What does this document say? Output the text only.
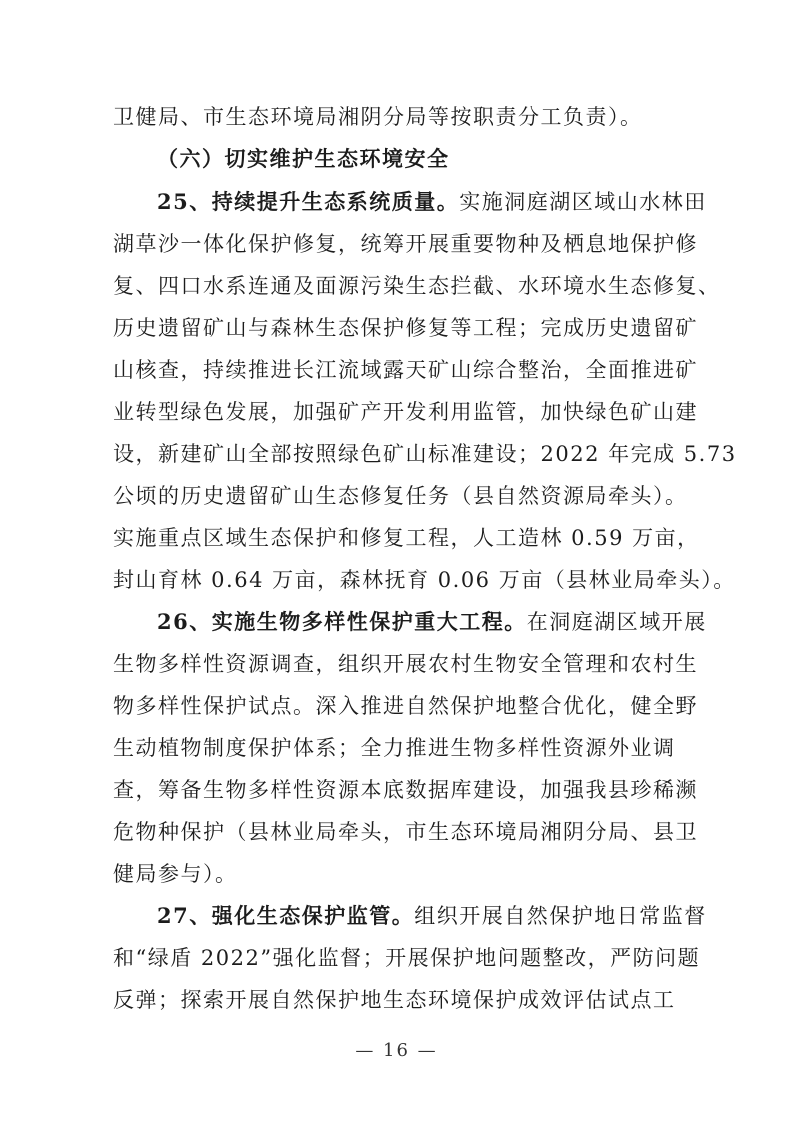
卫健局、市生态环境局湘阴分局等按职责分工负责）。
（六）切实维护生态环境安全
25、持续提升生态系统质量。实施洞庭湖区域山水林田
湖草沙一体化保护修复，统筹开展重要物种及栖息地保护修
复、四口水系连通及面源污染生态拦截、水环境水生态修复、
历史遗留矿山与森林生态保护修复等工程；完成历史遗留矿
山核查，持续推进长江流域露天矿山综合整治，全面推进矿
业转型绿色发展，加强矿产开发利用监管，加快绿色矿山建
设，新建矿山全部按照绿色矿山标准建设；2022 年完成 5.73
公顷的历史遗留矿山生态修复任务（县自然资源局牵头）。
实施重点区域生态保护和修复工程，人工造林 0.59 万亩，
封山育林 0.64 万亩，森林抚育 0.06 万亩（县林业局牵头）。
26、实施生物多样性保护重大工程。在洞庭湖区域开展
生物多样性资源调查，组织开展农村生物安全管理和农村生
物多样性保护试点。深入推进自然保护地整合优化，健全野
生动植物制度保护体系；全力推进生物多样性资源外业调
查，筹备生物多样性资源本底数据库建设，加强我县珍稀濒
危物种保护（县林业局牵头，市生态环境局湘阴分局、县卫
健局参与）。
27、强化生态保护监管。组织开展自然保护地日常监督
和“绿盾 2022”强化监督；开展保护地问题整改，严防问题
反弹；探索开展自然保护地生态环境保护成效评估试点工
— 16 —
